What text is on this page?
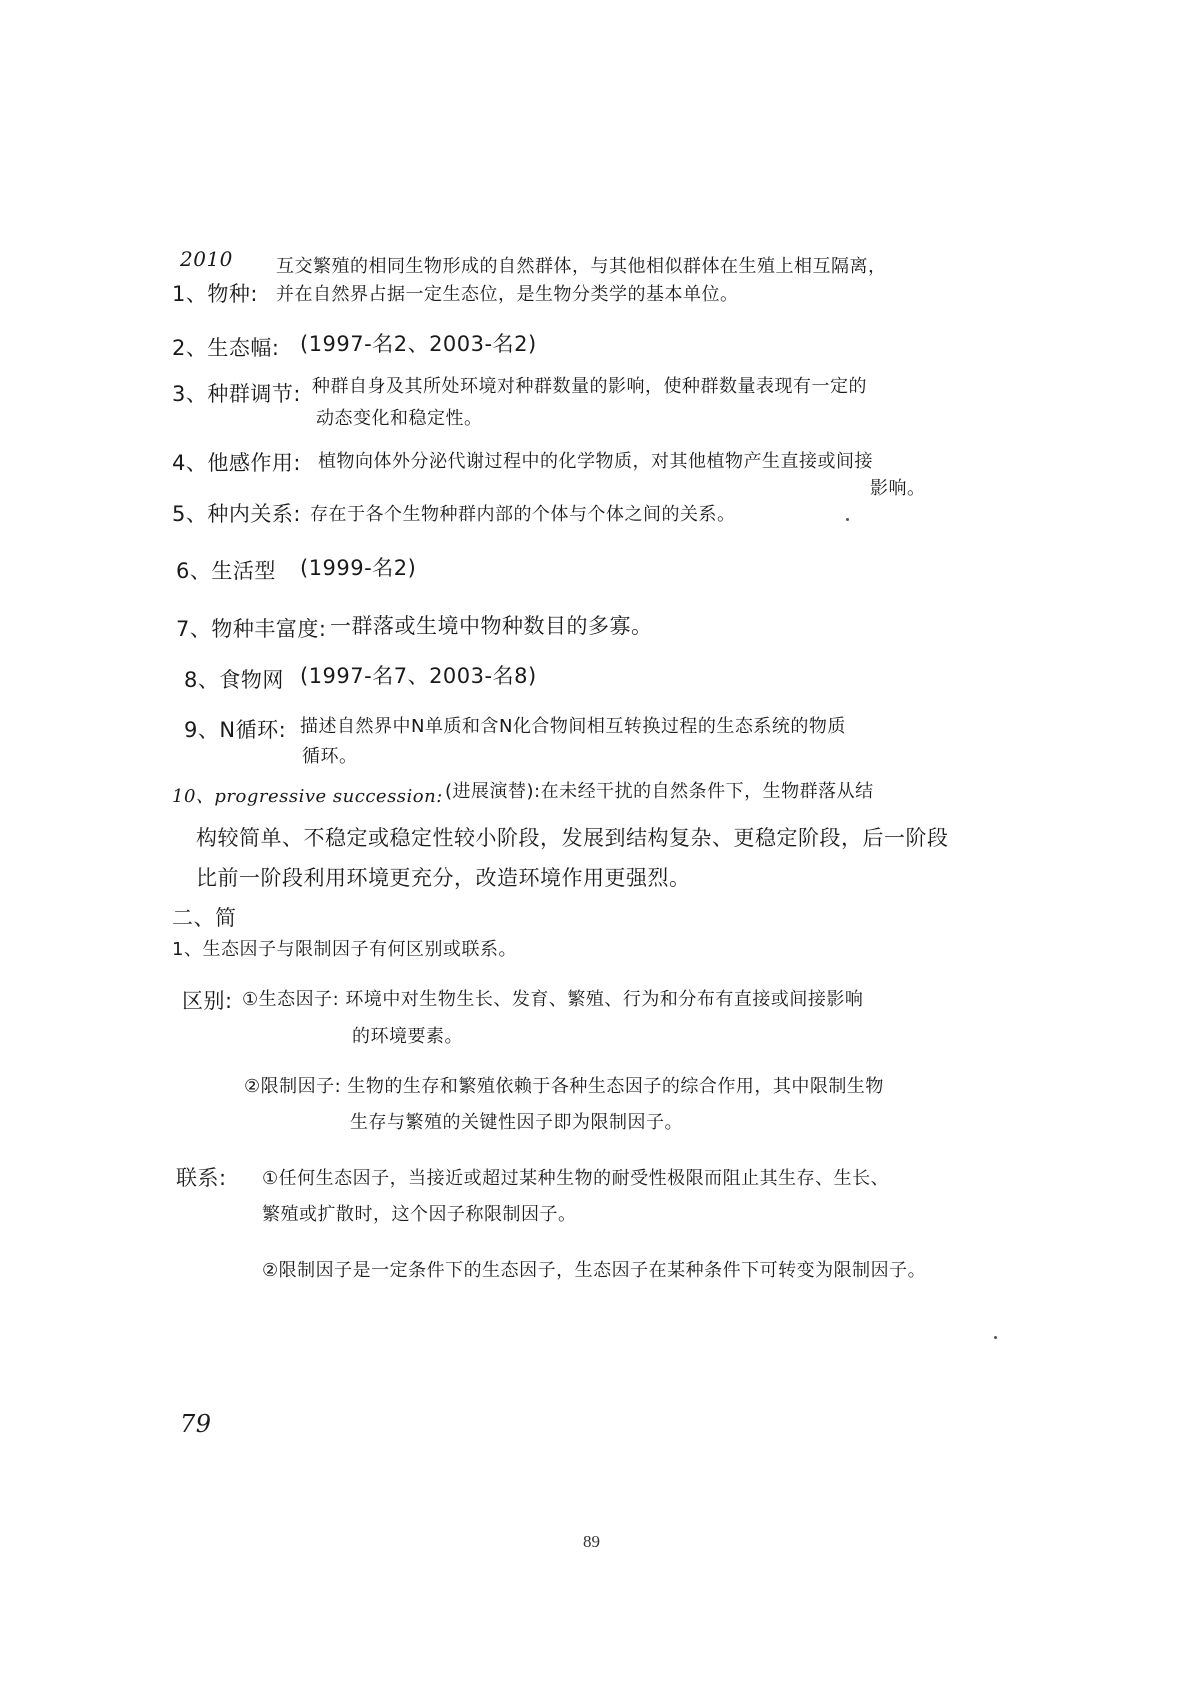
2010
1、物种:
互交繁殖的相同生物形成的自然群体，与其他相似群体在生殖上相互隔离，
并在自然界占据一定生态位，是生物分类学的基本单位。
2、生态幅: (1997-名2、2003-名2)
3、种群调节: 种群自身及其所处环境对种群数量的影响，使种群数量表现有一定的
动态变化和稳定性。
4、他感作用: 植物向体外分泌代谢过程中的化学物质，对其他植物产生直接或间接
影响。
5、种内关系: 存在于各个生物种群内部的个体与个体之间的关系。
6、生活型 (1999-名2)
7、物种丰富度: 一群落或生境中物种数目的多寡。
8、食物网 (1997-名7、2003-名8)
9、N循环: 描述自然界中N单质和含N化合物间相互转换过程的生态系统的物质
循环。
10、progressive succession: (进展演替):在未经干扰的自然条件下，生物群落从结
构较简单、不稳定或稳定性较小阶段，发展到结构复杂、更稳定阶段，后一阶段
比前一阶段利用环境更充分，改造环境作用更强烈。
二、简
1、生态因子与限制因子有何区别或联系。
区别: ①生态因子: 环境中对生物生长、发育、繁殖、行为和分布有直接或间接影响
的环境要素。
②限制因子: 生物的生存和繁殖依赖于各种生态因子的综合作用，其中限制生物
生存与繁殖的关键性因子即为限制因子。
联系: ①任何生态因子，当接近或超过某种生物的耐受性极限而阻止其生存、生长、
繁殖或扩散时，这个因子称限制因子。
②限制因子是一定条件下的生态因子，生态因子在某种条件下可转变为限制因子。
79
89
